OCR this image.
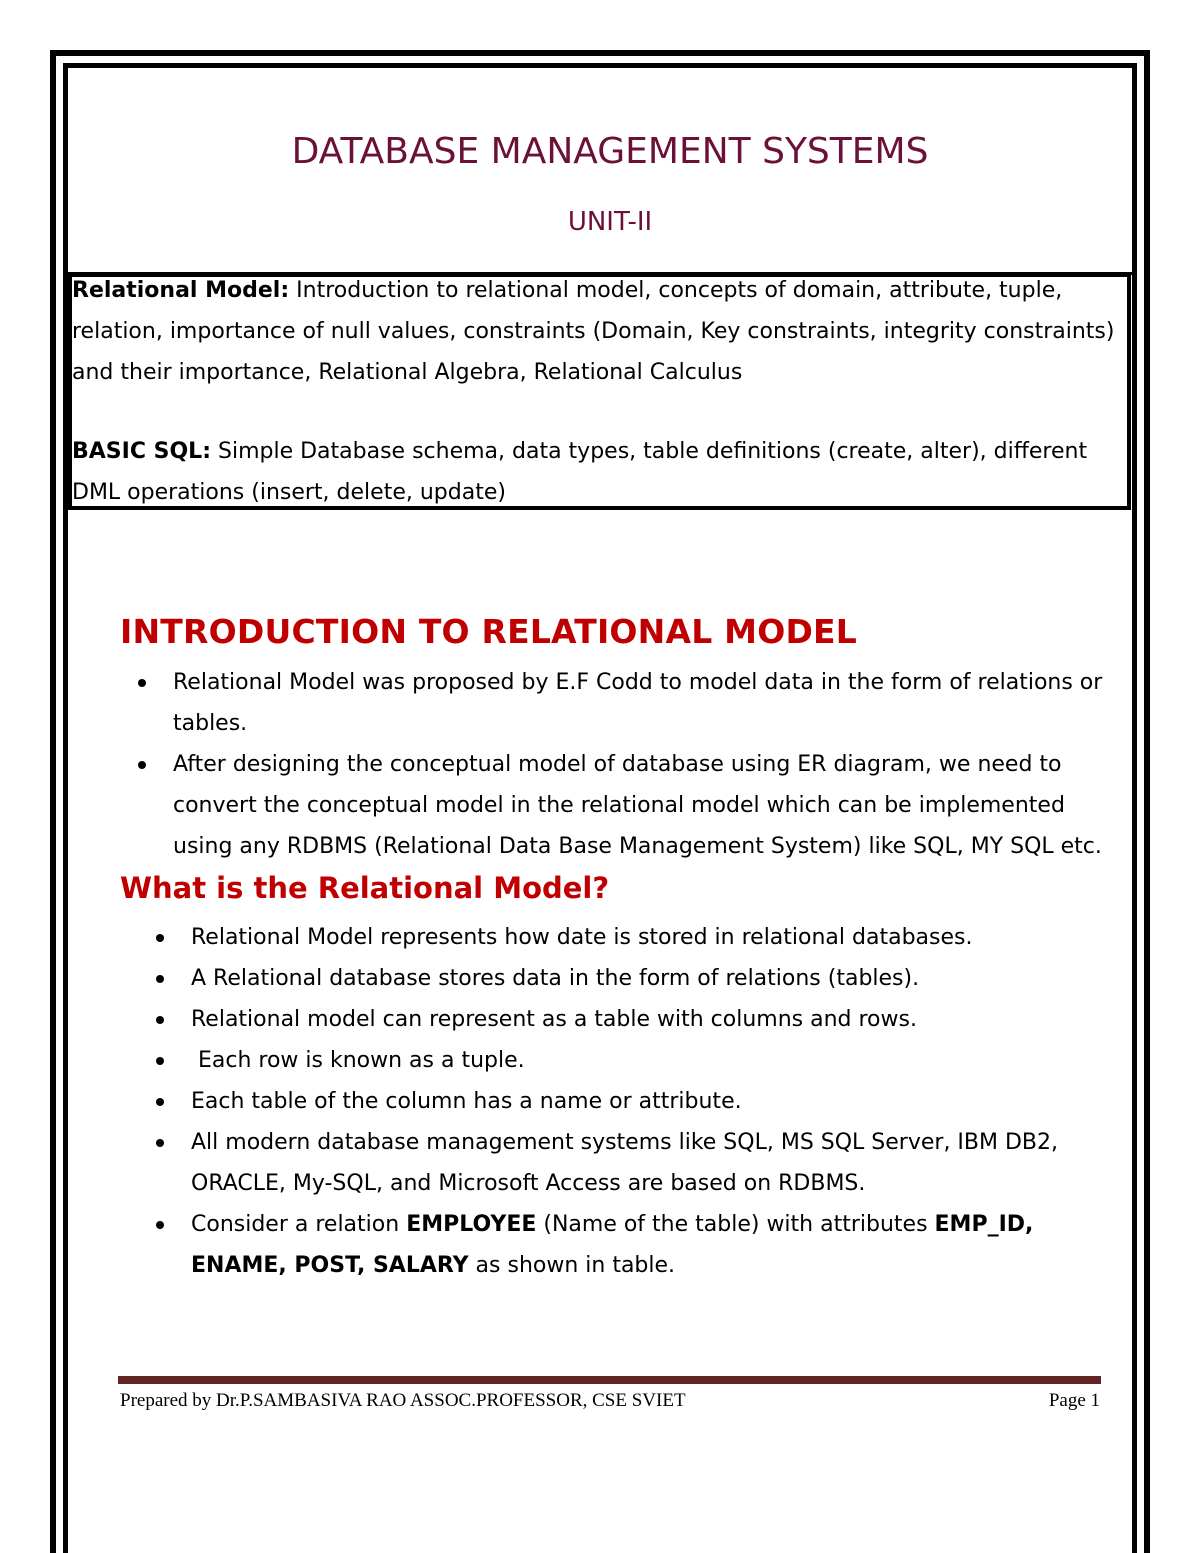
DATABASE MANAGEMENT SYSTEMS
UNIT-II

Relational Model: Introduction to relational model, concepts of domain, attribute, tuple, relation, importance of null values, constraints (Domain, Key constraints, integrity constraints) and their importance, Relational Algebra, Relational Calculus

BASIC SQL: Simple Database schema, data types, table definitions (create, alter), different DML operations (insert, delete, update)

INTRODUCTION TO RELATIONAL MODEL
Relational Model was proposed by E.F Codd to model data in the form of relations or tables.
After designing the conceptual model of database using ER diagram, we need to convert the conceptual model in the relational model which can be implemented using any RDBMS (Relational Data Base Management System) like SQL, MY SQL etc.
What is the Relational Model?
Relational Model represents how date is stored in relational databases.
A Relational database stores data in the form of relations (tables).
Relational model can represent as a table with columns and rows.
Each row is known as a tuple.
Each table of the column has a name or attribute.
All modern database management systems like SQL, MS SQL Server, IBM DB2, ORACLE, My-SQL, and Microsoft Access are based on RDBMS.
Consider a relation EMPLOYEE (Name of the table) with attributes EMP_ID, ENAME, POST, SALARY as shown in table.
Prepared by Dr.P.SAMBASIVA RAO ASSOC.PROFESSOR, CSE SVIET	Page 1
